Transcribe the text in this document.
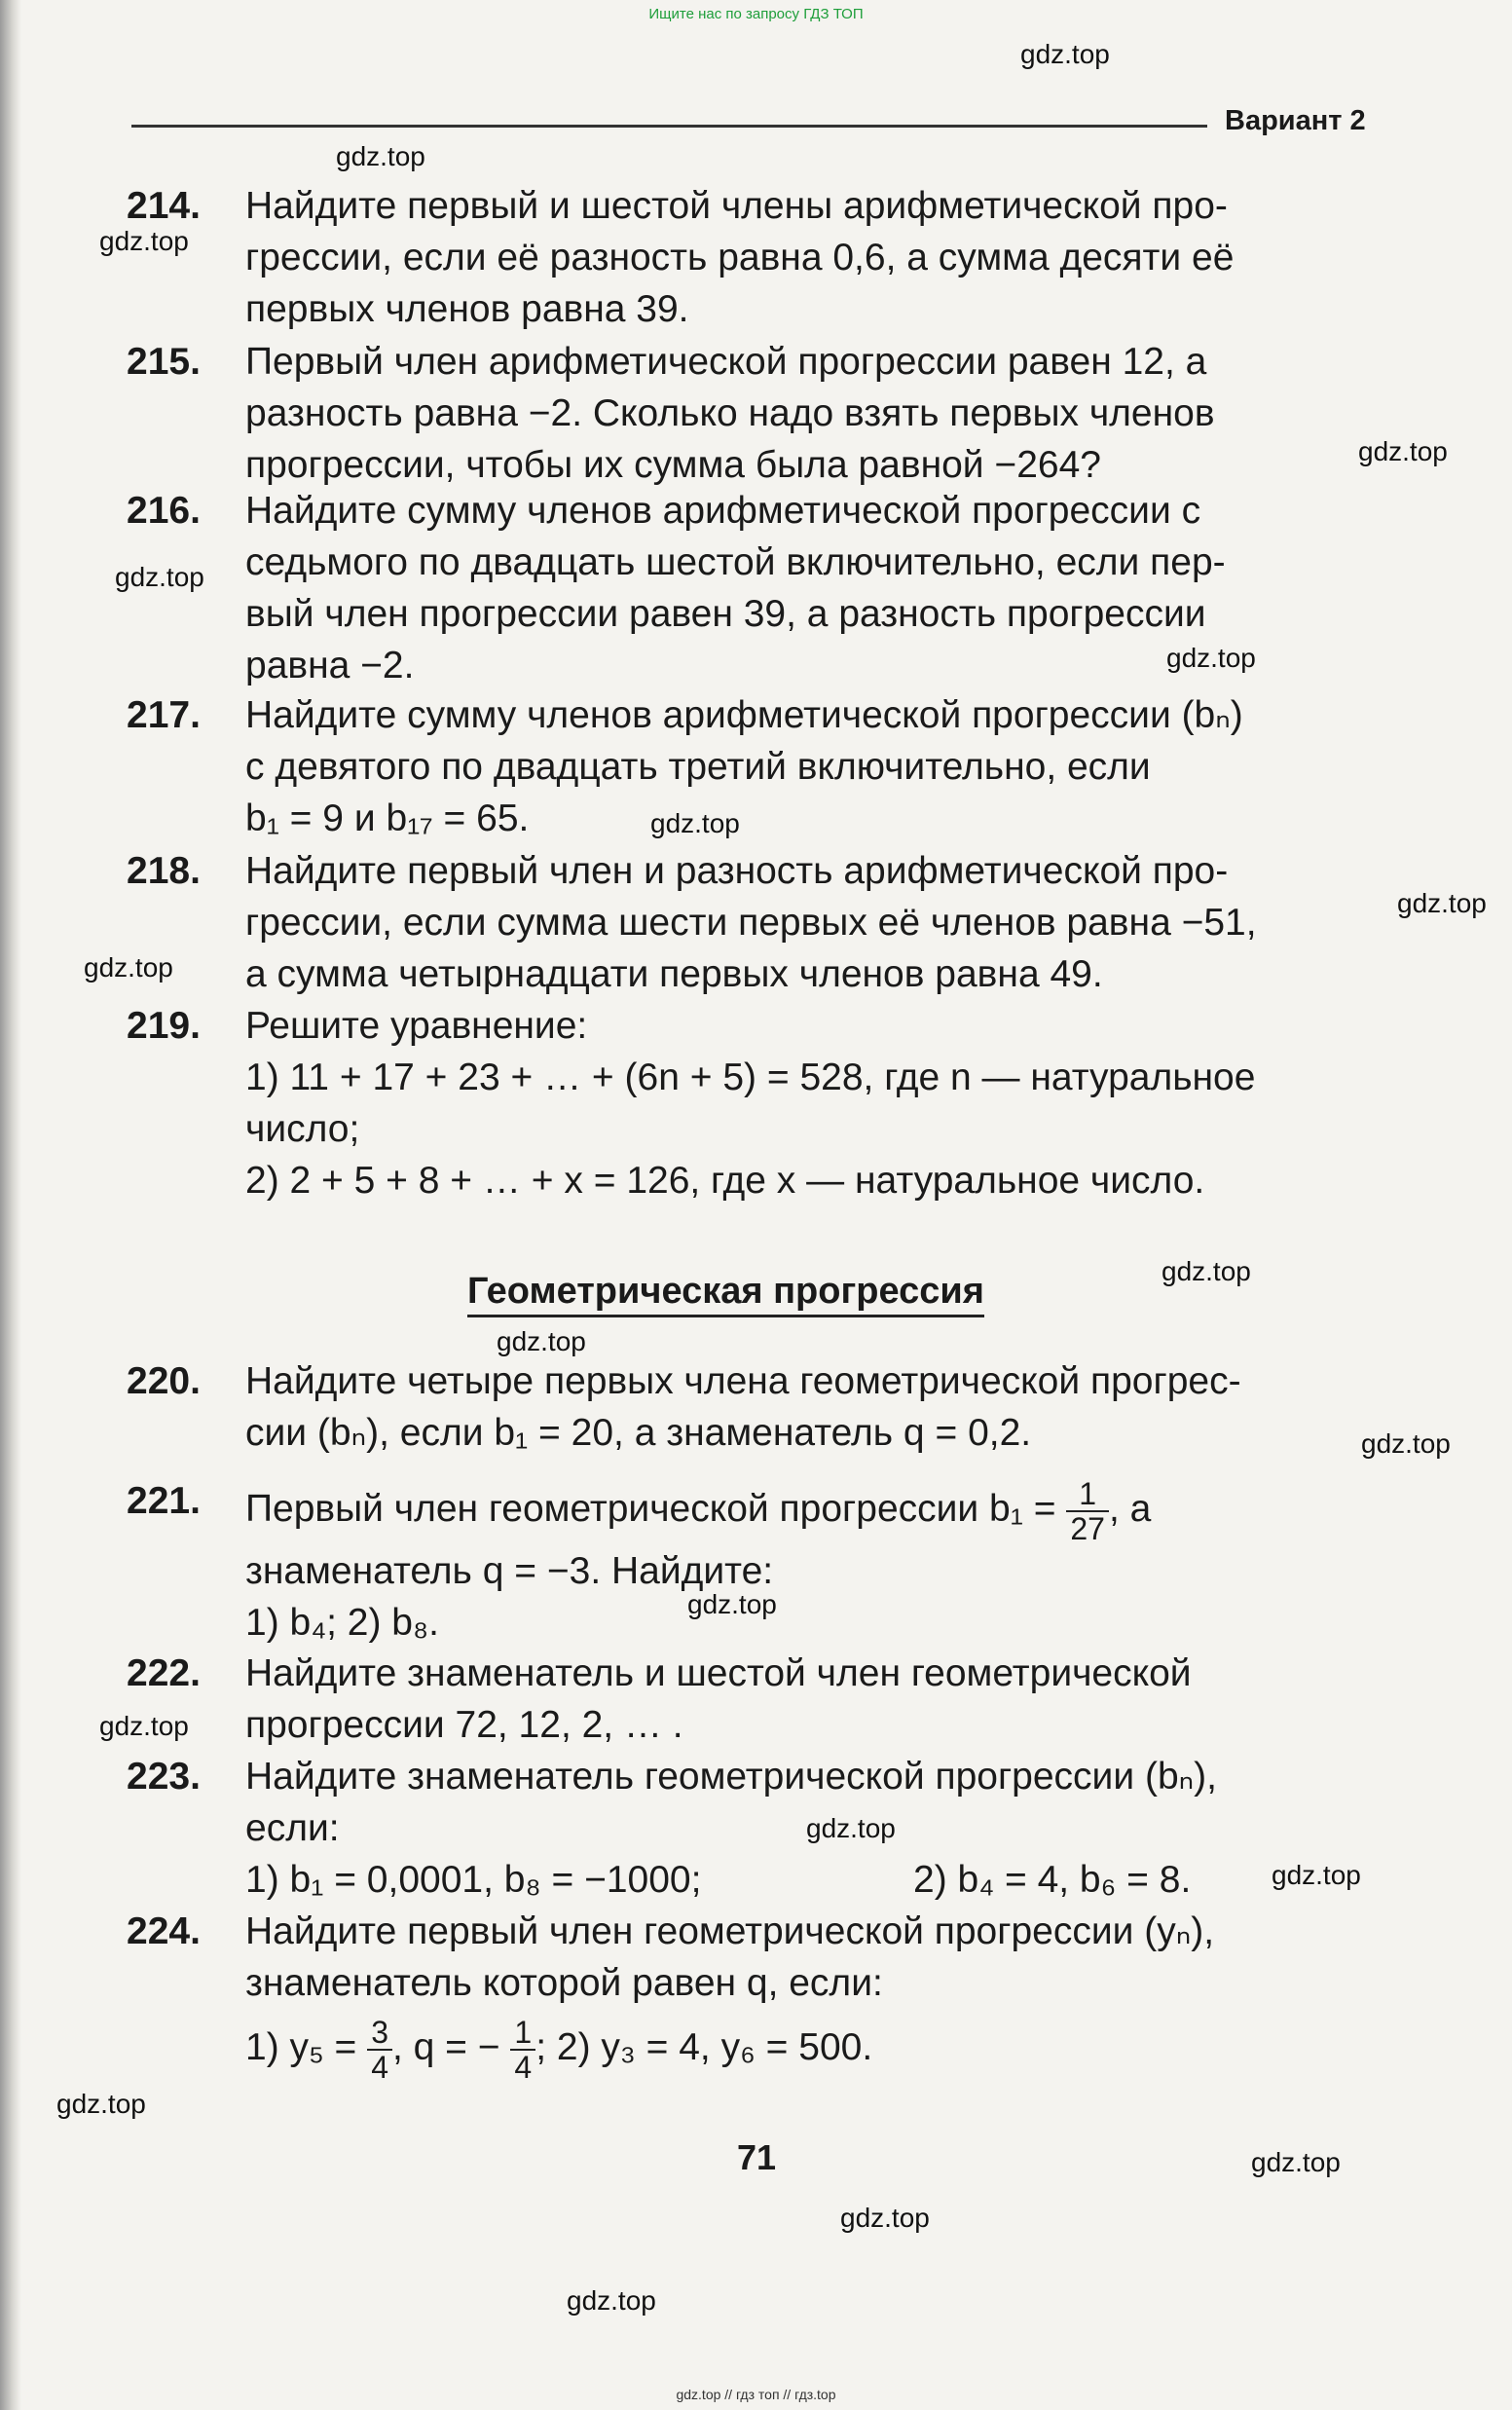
Ищите нас по запросу ГДЗ ТОП
gdz.top
gdz.top
gdz.top
gdz.top
gdz.top
gdz.top
gdz.top
gdz.top
gdz.top
gdz.top
gdz.top
gdz.top
gdz.top
gdz.top
gdz.top
gdz.top
gdz.top
gdz.top
gdz.top
gdz.top
Вариант 2
214.	Найдите первый и шестой члены арифметической про-
грессии, если её разность равна 0,6, а сумма десяти её
первых членов равна 39.
215.	Первый член арифметической прогрессии равен 12, а
разность равна −2. Сколько надо взять первых членов
прогрессии, чтобы их сумма была равной −264?
216.	Найдите сумму членов арифметической прогрессии с
седьмого по двадцать шестой включительно, если пер-
вый член прогрессии равен 39, а разность прогрессии
равна −2.
217.	Найдите сумму членов арифметической прогрессии (bₙ)
с девятого по двадцать третий включительно, если
b₁ = 9 и b₁₇ = 65.
218.	Найдите первый член и разность арифметической про-
грессии, если сумма шести первых её членов равна −51,
а сумма четырнадцати первых членов равна 49.
219.	Решите уравнение:
1) 11 + 17 + 23 + … + (6n + 5) = 528, где n — натуральное
число;
2) 2 + 5 + 8 + … + x = 126, где x — натуральное число.
Геометрическая прогрессия
220.	Найдите четыре первых члена геометрической прогрес-
сии (bₙ), если b₁ = 20, а знаменатель q = 0,2.
221.	Первый член геометрической прогрессии $b_1 = \frac{1}{27}$ , а
знаменатель q = −3. Найдите:
1) b₄; 2) b₈.
222.	Найдите знаменатель и шестой член геометрической
прогрессии 72, 12, 2, … .
223.	Найдите знаменатель геометрической прогрессии (bₙ),
если:
1) b₁ = 0,0001, b₈ = −1000;	2) b₄ = 4, b₆ = 8.
224.	Найдите первый член геометрической прогрессии (yₙ),
знаменатель которой равен q, если:
1) $y_5 = \frac{3}{4}$ , q = − $\frac{1}{4}$ ; 2) y₃ = 4, y₆ = 500.
71
gdz.top // гдз топ // гдз.top
